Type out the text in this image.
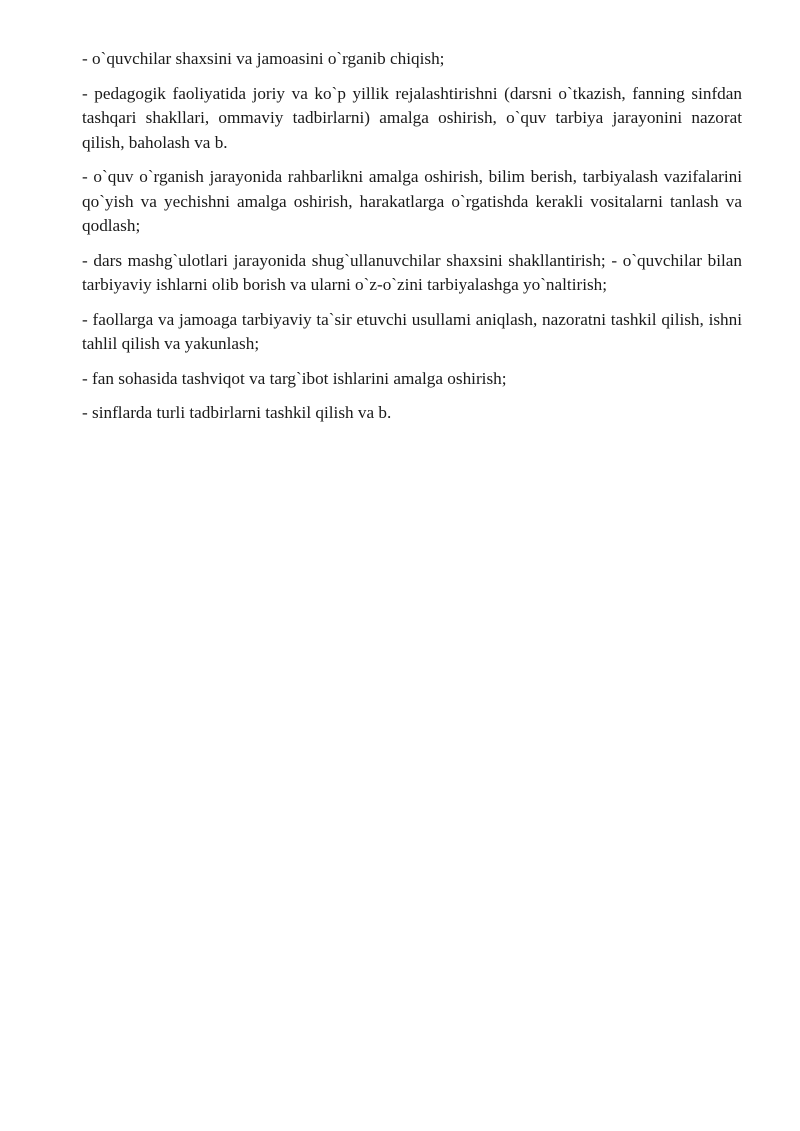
- o`quvchilar shaxsini va jamoasini o`rganib chiqish;

- pedagogik faoliyatida joriy va ko`p yillik rejalashtirishni (darsni o`tkazish, fanning sinfdan tashqari shakllari, ommaviy tadbirlarni) amalga oshirish, o`quv tarbiya jarayonini nazorat qilish, baholash va b.

- o`quv o`rganish jarayonida rahbarlikni amalga oshirish, bilim berish, tarbiyalash vazifalarini qo`yish va yechishni amalga oshirish, harakatlarga o`rgatishda kerakli vositalarni tanlash va qodlash;

- dars mashg`ulotlari jarayonida shug`ullanuvchilar shaxsini shakllantirish; - o`quvchilar bilan tarbiyaviy ishlarni olib borish va ularni o`z-o`zini tarbiyalashga yo`naltirish;

- faollarga va jamoaga tarbiyaviy ta`sir etuvchi usullami aniqlash, nazoratni tashkil qilish, ishni tahlil qilish va yakunlash;

- fan sohasida tashviqot va targ`ibot ishlarini amalga oshirish;

- sinflarda turli tadbirlarni tashkil qilish va b.
